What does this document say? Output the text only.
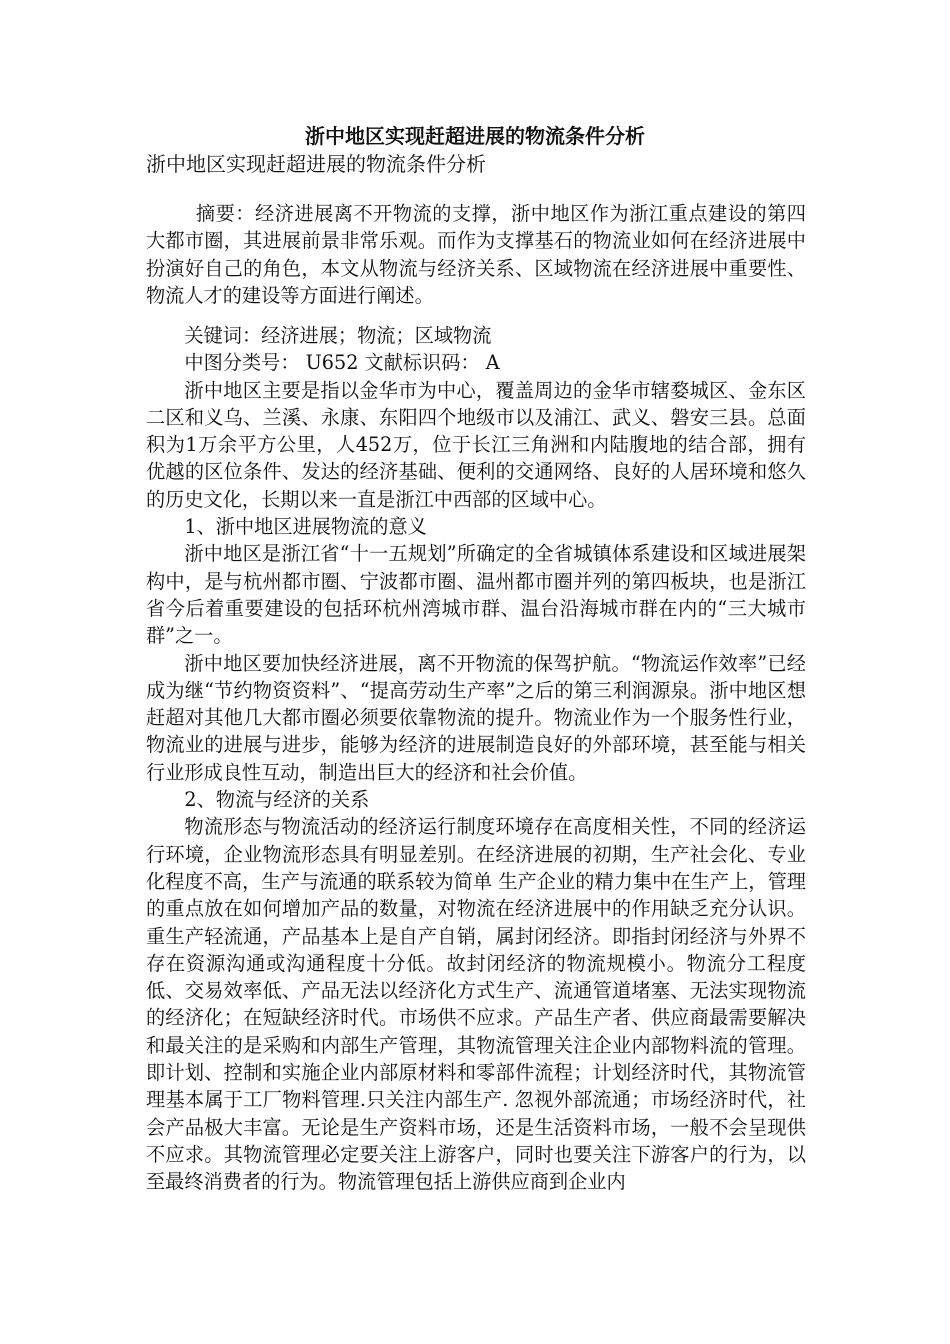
浙中地区实现赶超进展的物流条件分析
浙中地区实现赶超进展的物流条件分析

摘要：经济进展离不开物流的支撑，浙中地区作为浙江重点建设的第四大都市圈，其进展前景非常乐观。而作为支撑基石的物流业如何在经济进展中扮演好自己的角色，本文从物流与经济关系、区域物流在经济进展中重要性、物流人才的建设等方面进行阐述。

关键词：经济进展；物流；区域物流

中图分类号： U652 文献标识码： A

浙中地区主要是指以金华市为中心，覆盖周边的金华市辖婺城区、金东区二区和义乌、兰溪、永康、东阳四个地级市以及浦江、武义、磐安三县。总面积为1万余平方公里，人452万，位于长江三角洲和内陆腹地的结合部，拥有优越的区位条件、发达的经济基础、便利的交通网络、良好的人居环境和悠久的历史文化，长期以来一直是浙江中西部的区域中心。

1、浙中地区进展物流的意义

浙中地区是浙江省“十一五规划”所确定的全省城镇体系建设和区域进展架构中，是与杭州都市圈、宁波都市圈、温州都市圈并列的第四板块，也是浙江省今后着重要建设的包括环杭州湾城市群、温台沿海城市群在内的“三大城市群”之一。

浙中地区要加快经济进展，离不开物流的保驾护航。“物流运作效率”已经成为继“节约物资资料”、“提高劳动生产率”之后的第三利润源泉。浙中地区想赶超对其他几大都市圈必须要依靠物流的提升。物流业作为一个服务性行业，物流业的进展与进步，能够为经济的进展制造良好的外部环境，甚至能与相关行业形成良性互动，制造出巨大的经济和社会价值。

2、物流与经济的关系

物流形态与物流活动的经济运行制度环境存在高度相关性，不同的经济运行环境，企业物流形态具有明显差别。在经济进展的初期，生产社会化、专业化程度不高，生产与流通的联系较为简单 生产企业的精力集中在生产上，管理的重点放在如何增加产品的数量，对物流在经济进展中的作用缺乏充分认识。重生产轻流通，产品基本上是自产自销，属封闭经济。即指封闭经济与外界不存在资源沟通或沟通程度十分低。故封闭经济的物流规模小。物流分工程度低、交易效率低、产品无法以经济化方式生产、流通管道堵塞、无法实现物流的经济化；在短缺经济时代。市场供不应求。产品生产者、供应商最需要解决和最关注的是采购和内部生产管理，其物流管理关注企业内部物料流的管理。即计划、控制和实施企业内部原材料和零部件流程；计划经济时代，其物流管理基本属于工厂物料管理.只关注内部生产. 忽视外部流通；市场经济时代，社会产品极大丰富。无论是生产资料市场，还是生活资料市场，一般不会呈现供不应求。其物流管理必定要关注上游客户，同时也要关注下游客户的行为，以至最终消费者的行为。物流管理包括上游供应商到企业内
